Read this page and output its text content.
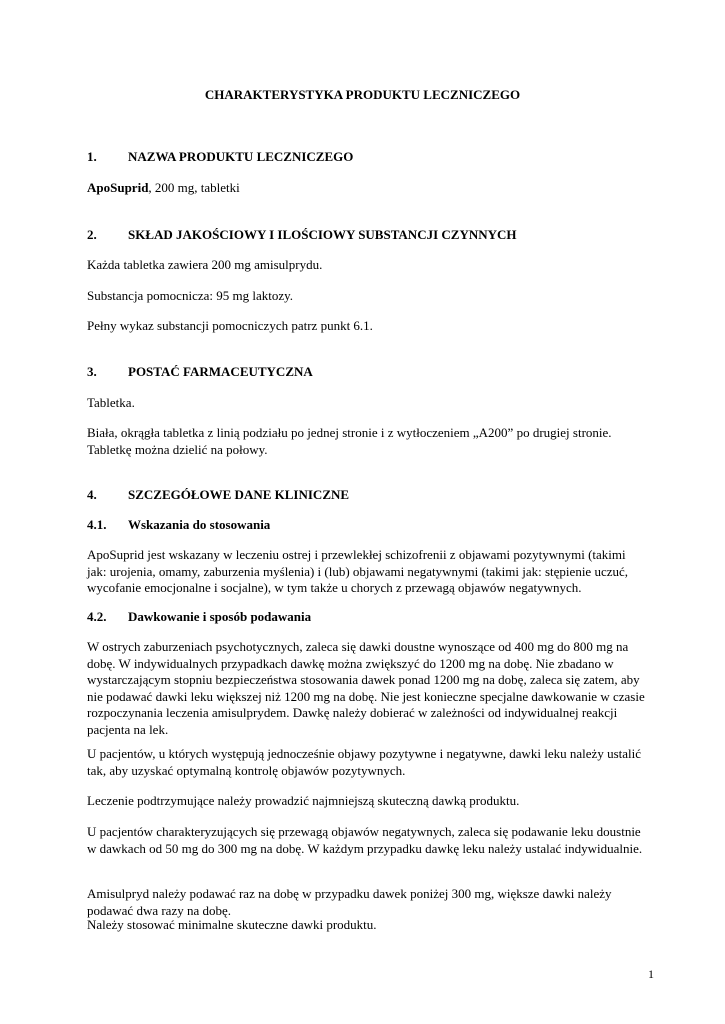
CHARAKTERYSTYKA PRODUKTU LECZNICZEGO
1. NAZWA PRODUKTU LECZNICZEGO
ApoSuprid, 200 mg, tabletki
2. SKŁAD JAKOŚCIOWY I ILOŚCIOWY SUBSTANCJI CZYNNYCH
Każda tabletka zawiera 200 mg amisulprydu.
Substancja pomocnicza: 95 mg laktozy.
Pełny wykaz substancji pomocniczych patrz punkt 6.1.
3. POSTAĆ FARMACEUTYCZNA
Tabletka.
Biała, okrągła tabletka z linią podziału po jednej stronie i z wytłoczeniem „A200” po drugiej stronie. Tabletkę można dzielić na połowy.
4. SZCZEGÓŁOWE DANE KLINICZNE
4.1. Wskazania do stosowania
ApoSuprid jest wskazany w leczeniu ostrej i przewlekłej schizofrenii z objawami pozytywnymi (takimi jak: urojenia, omamy, zaburzenia myślenia) i (lub) objawami negatywnymi (takimi jak: stępienie uczuć, wycofanie emocjonalne i socjalne), w tym także u chorych z przewagą objawów negatywnych.
4.2. Dawkowanie i sposób podawania
W ostrych zaburzeniach psychotycznych, zaleca się dawki doustne wynoszące od 400 mg do 800 mg na dobę. W indywidualnych przypadkach dawkę można zwiększyć do 1200 mg na dobę. Nie zbadano w wystarczającym stopniu bezpieczeństwa stosowania dawek ponad 1200 mg na dobę, zaleca się zatem, aby nie podawać dawki leku większej niż 1200 mg na dobę. Nie jest konieczne specjalne dawkowanie w czasie rozpoczynania leczenia amisulprydem. Dawkę należy dobierać w zależności od indywidualnej reakcji pacjenta na lek.
U pacjentów, u których występują jednocześnie objawy pozytywne i negatywne, dawki leku należy ustalić tak, aby uzyskać optymalną kontrolę objawów pozytywnych.
Leczenie podtrzymujące należy prowadzić najmniejszą skuteczną dawką produktu.
U pacjentów charakteryzujących się przewagą objawów negatywnych, zaleca się podawanie leku doustnie w dawkach od 50 mg do 300 mg na dobę. W każdym przypadku dawkę leku należy ustalać indywidualnie.
Amisulpryd należy podawać raz na dobę w przypadku dawek poniżej 300 mg, większe dawki należy podawać dwa razy na dobę.
Należy stosować minimalne skuteczne dawki produktu.
1
